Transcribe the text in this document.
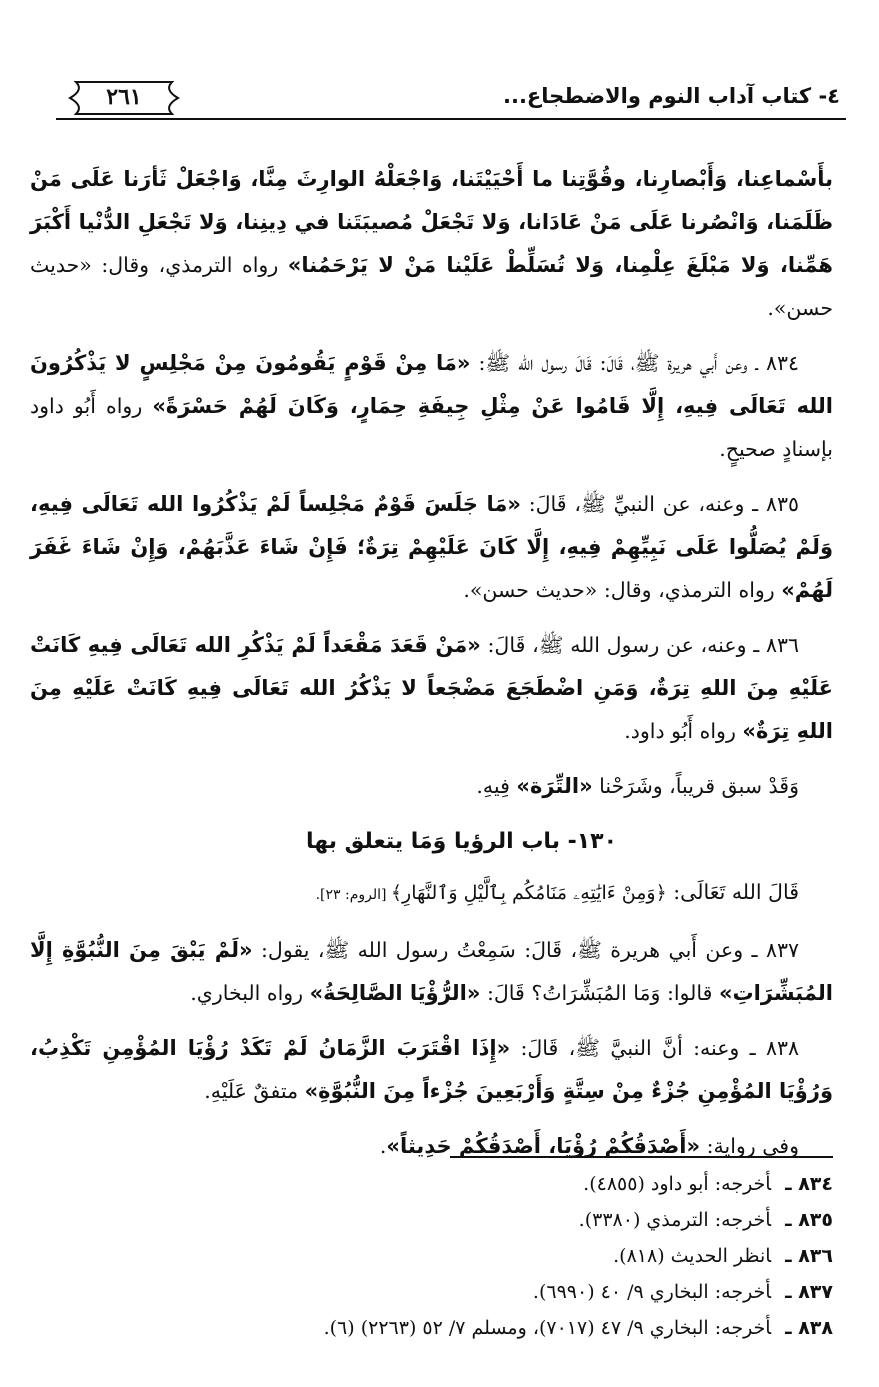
٤- كتاب آداب النوم والاضطجاع...
٢٦١

بأَسْماعِنا، وَأَبْصارِنا، وقُوَّتِنا ما أَحْيَيْتَنا، وَاجْعَلْهُ الوارِثَ مِنَّا، وَاجْعَلْ ثَأرَنا عَلَى مَنْ ظَلَمَنا، وَانْصُرنا عَلَى مَنْ عَادَانا، وَلا تَجْعَلْ مُصيبَتَنا في دِينِنا، وَلا تَجْعَلِ الدُّنْيا أَكْبَرَ هَمِّنا، وَلا مَبْلَغَ عِلْمِنا، وَلا تُسَلِّطْ عَلَيْنا مَنْ لا يَرْحَمُنا» رواه الترمذي، وقال: «حديث حسن».

٨٣٤ ـ وعن أَبي هريرة ﷺ، قَالَ: قَالَ رسول الله ﷺ: «مَا مِنْ قَوْمٍ يَقُومُونَ مِنْ مَجْلِسٍ لا يَذْكُرُونَ الله تَعَالَى فِيهِ، إِلَّا قَامُوا عَنْ مِثْلِ جِيفَةِ حِمَارٍ، وَكَانَ لَهُمْ حَسْرَةً» رواه أَبُو داود بإسنادٍ صحيحٍ.

٨٣٥ ـ وعنه، عن النبيِّ ﷺ، قَالَ: «مَا جَلَسَ قَوْمٌ مَجْلِساً لَمْ يَذْكُرُوا الله تَعَالَى فِيهِ، وَلَمْ يُصَلُّوا عَلَى نَبِيِّهِمْ فِيهِ، إِلَّا كَانَ عَلَيْهِمْ تِرَةٌ؛ فَإِنْ شَاءَ عَذَّبَهُمْ، وَإِنْ شَاءَ غَفَرَ لَهُمْ» رواه الترمذي، وقال: «حديث حسن».

٨٣٦ ـ وعنه، عن رسول الله ﷺ، قَالَ: «مَنْ قَعَدَ مَقْعَداً لَمْ يَذْكُرِ الله تَعَالَى فِيهِ كَانَتْ عَلَيْهِ مِنَ اللهِ تِرَةٌ، وَمَنِ اضْطَجَعَ مَضْجَعاً لا يَذْكُرُ الله تَعَالَى فِيهِ كَانَتْ عَلَيْهِ مِنَ اللهِ تِرَةٌ» رواه أَبُو داود.

وَقَدْ سبق قريباً، وشَرَحْنا «التِّرَة» فِيهِ.

١٣٠- باب الرؤيا وَمَا يتعلق بها

قَالَ الله تَعَالَى: ﴿وَمِنْ ءَايَٰتِهِۦ مَنَامُكُم بِٱلَّيْلِ وَٱلنَّهَارِ﴾ [الروم: ٢٣].

٨٣٧ ـ وعن أَبي هريرة ﷺ، قَالَ: سَمِعْتُ رسول الله ﷺ، يقول: «لَمْ يَبْقَ مِنَ النُّبُوَّةِ إِلَّا المُبَشِّرَاتِ» قالوا: وَمَا المُبَشِّرَاتُ؟ قَالَ: «الرُّؤْيَا الصَّالِحَةُ» رواه البخاري.

٨٣٨ ـ وعنه: أنَّ النبيَّ ﷺ، قَالَ: «إِذَا اقْتَرَبَ الزَّمَانُ لَمْ تَكَدْ رُؤْيَا المُؤْمِنِ تَكْذِبُ، وَرُؤْيَا المُؤْمِنِ جُزْءٌ مِنْ سِتَّةٍ وَأَرْبَعِينَ جُزْءاً مِنَ النُّبُوَّةِ» متفقٌ عَلَيْهِ.

وفي رواية: «أَصْدَقُكُمْ رُؤْيَا، أَصْدَقُكُمْ حَدِيثاً».

٨٣٤ ـأخرجه: أبو داود (٤٨٥٥).
٨٣٥ ـأخرجه: الترمذي (٣٣٨٠).
٨٣٦ ـانظر الحديث (٨١٨).
٨٣٧ ـأخرجه: البخاري ٩/ ٤٠ (٦٩٩٠).
٨٣٨ ـأخرجه: البخاري ٩/ ٤٧ (٧٠١٧)، ومسلم ٧/ ٥٢ (٢٢٦٣) (٦).
